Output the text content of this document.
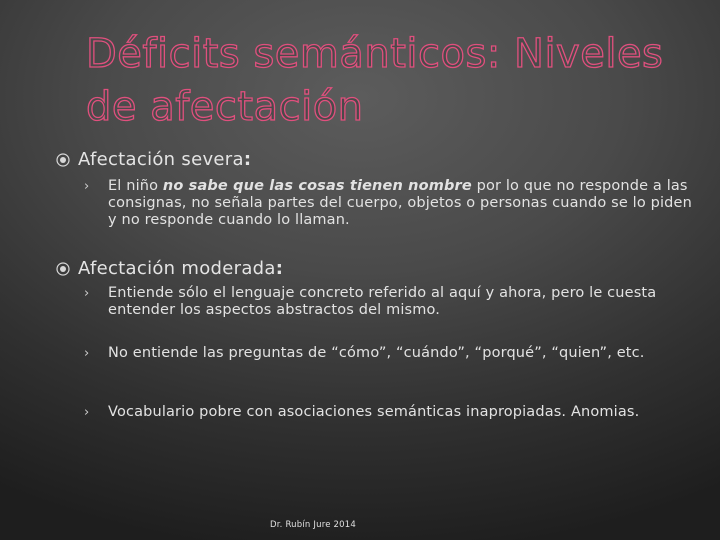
Déficits semánticos: Niveles de afectación
Afectación severa:
›	El niño no sabe que las cosas tienen nombre por lo que no responde a las consignas, no señala partes del cuerpo, objetos o personas cuando se lo piden y no responde cuando lo llaman.
Afectación moderada:
›	Entiende sólo el lenguaje concreto referido al aquí y ahora, pero le cuesta entender los aspectos abstractos del mismo.
›	No entiende las preguntas de “cómo”, “cuándo”, “porqué”, “quien”, etc.
›	Vocabulario pobre con asociaciones semánticas inapropiadas. Anomias.
Dr. Rubín Jure 2014
